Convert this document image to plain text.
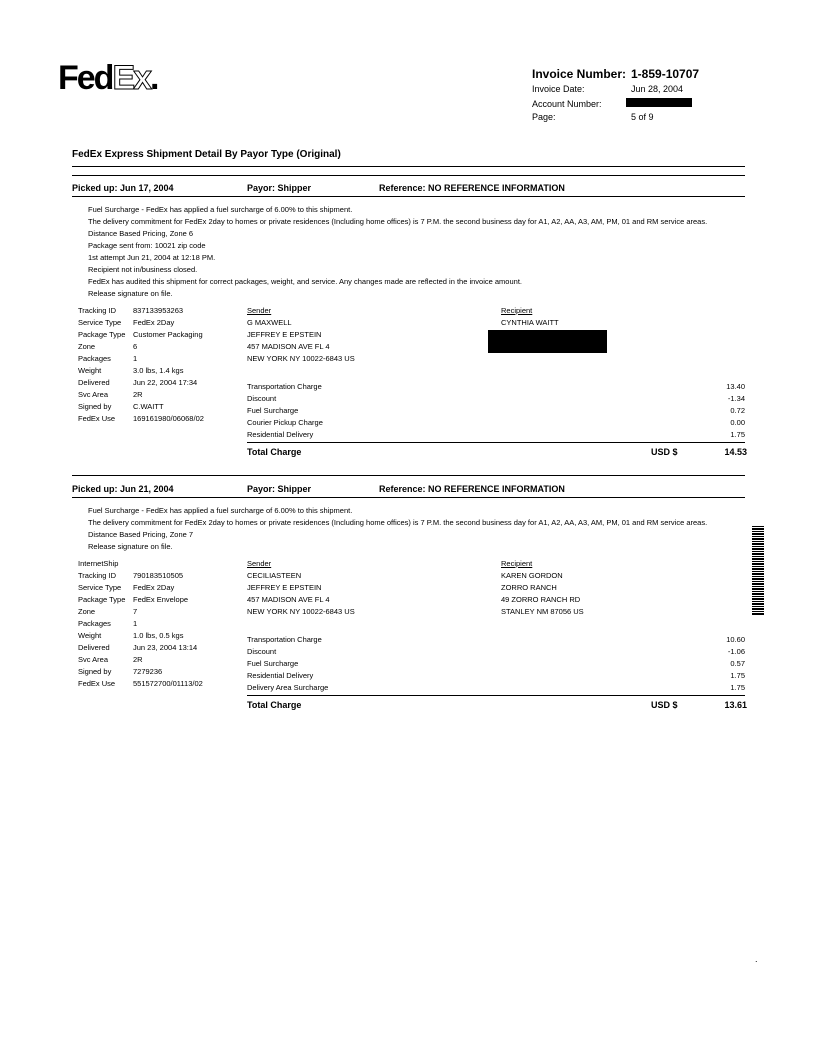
FedEx.	Invoice Number: 1-859-10707
Invoice Date:	Jun 28, 2004
Account Number:
Page:	5 of 9
FedEx Express Shipment Detail By Payor Type (Original)
Picked up: Jun 17, 2004	Payor: Shipper	Reference: NO REFERENCE INFORMATION
Fuel Surcharge - FedEx has applied a fuel surcharge of 6.00% to this shipment.
The delivery commitment for FedEx 2day to homes or private residences (Including home offices) is 7 P.M. the second business day for A1, A2, AA, A3, AM, PM, 01 and RM service areas.
Distance Based Pricing, Zone 6
Package sent from: 10021 zip code
1st attempt Jun 21, 2004 at 12:18 PM.
Recipient not in/business closed.
FedEx has audited this shipment for correct packages, weight, and service. Any changes made are reflected in the invoice amount.
Release signature on file.
Tracking ID 837133953263
Service Type FedEx 2Day
Package Type Customer Packaging
Zone	6
Packages	1
Weight	3.0 lbs, 1.4 kgs
Delivered	Jun 22, 2004 17:34
Svc Area	2R
Signed by	C.WAITT
FedEx Use 169161980/06068/02
Sender
G MAXWELL
JEFFREY E EPSTEIN
457 MADISON AVE FL 4
NEW YORK NY 10022-6843 US
Recipient
CYNTHIA WAITT
Transportation Charge	13.40
Discount	-1.34
Fuel Surcharge	0.72
Courier Pickup Charge	0.00
Residential Delivery	1.75
Total Charge	USD $	14.53
Picked up: Jun 21, 2004	Payor: Shipper	Reference: NO REFERENCE INFORMATION
Fuel Surcharge - FedEx has applied a fuel surcharge of 6.00% to this shipment.
The delivery commitment for FedEx 2day to homes or private residences (Including home offices) is 7 P.M. the second business day for A1, A2, AA, A3, AM, PM, 01 and RM service areas.
Distance Based Pricing, Zone 7
Release signature on file.
InternetShip
Tracking ID 790183510505
Service Type FedEx 2Day
Package Type FedEx Envelope
Zone	7
Packages	1
Weight	1.0 lbs, 0.5 kgs
Delivered	Jun 23, 2004 13:14
Svc Area	2R
Signed by	7279236
FedEx Use 551572700/01113/02
Sender
CECILIASTEEN
JEFFREY E EPSTEIN
457 MADISON AVE FL 4
NEW YORK NY 10022-6843 US
Recipient
KAREN GORDON
ZORRO RANCH
49 ZORRO RANCH RD
STANLEY NM 87056 US
Transportation Charge	10.60
Discount	-1.06
Fuel Surcharge	0.57
Residential Delivery	1.75
Delivery Area Surcharge	1.75
Total Charge	USD $	13.61
.
